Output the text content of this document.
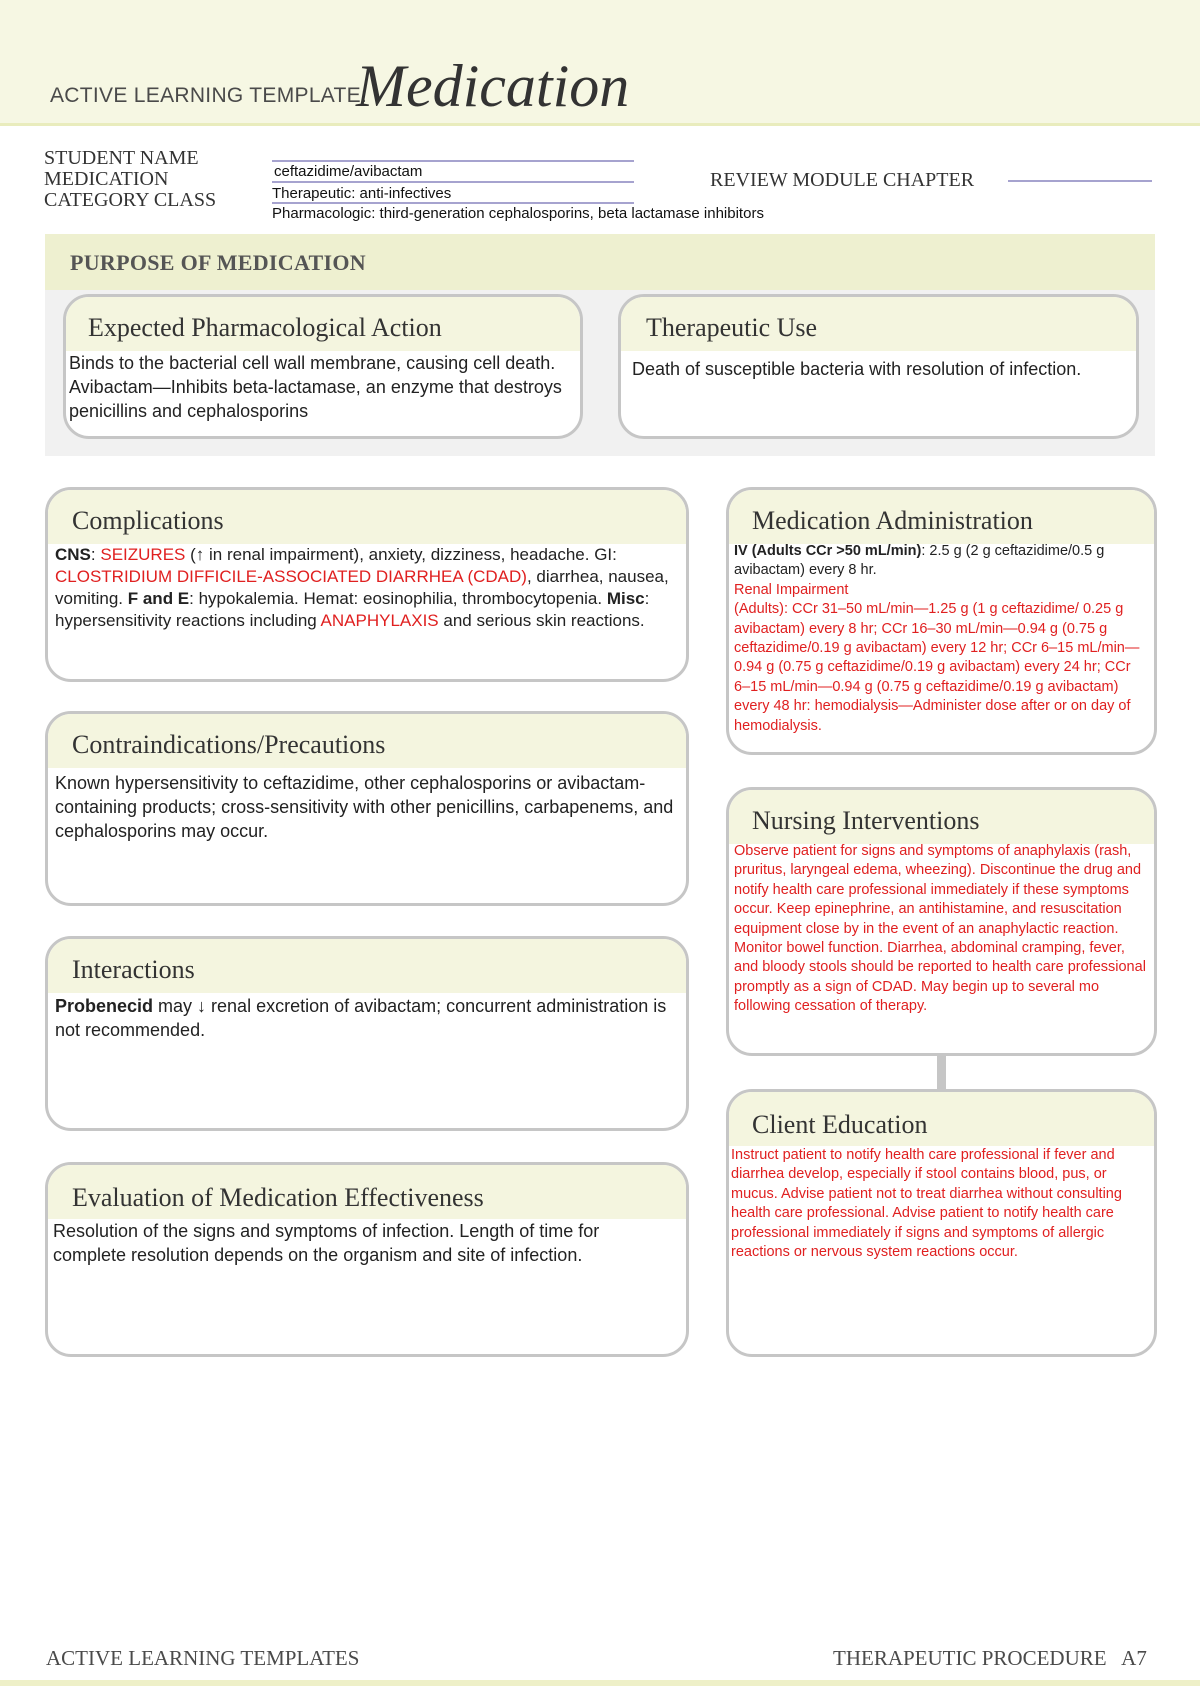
ACTIVE LEARNING TEMPLATE:
Medication
STUDENT NAME
MEDICATION
CATEGORY CLASS
ceftazidime/avibactam
Therapeutic: anti-infectives
Pharmacologic: third-generation cephalosporins, beta lactamase inhibitors
REVIEW MODULE CHAPTER
PURPOSE OF MEDICATION
Expected Pharmacological Action
Binds to the bacterial cell wall membrane, causing cell death. Avibactam—Inhibits beta-lactamase, an enzyme that destroys penicillins and cephalosporins
Therapeutic Use
Death of susceptible bacteria with resolution of infection.
Complications
CNS: SEIZURES (↑ in renal impairment), anxiety, dizziness, headache. GI: CLOSTRIDIUM DIFFICILE-ASSOCIATED DIARRHEA (CDAD), diarrhea, nausea, vomiting. F and E: hypokalemia. Hemat: eosinophilia, thrombocytopenia. Misc: hypersensitivity reactions including ANAPHYLAXIS and serious skin reactions.
Contraindications/Precautions
Known hypersensitivity to ceftazidime, other cephalosporins or avibactam-containing products; cross-sensitivity with other penicillins, carbapenems, and cephalosporins may occur.
Interactions
Probenecid may ↓ renal excretion of avibactam; concurrent administration is not recommended.
Evaluation of Medication Effectiveness
Resolution of the signs and symptoms of infection. Length of time for complete resolution depends on the organism and site of infection.
Medication Administration
IV (Adults CCr >50 mL/min): 2.5 g (2 g ceftazidime/0.5 g avibactam) every 8 hr.
Renal Impairment
(Adults): CCr 31–50 mL/min—1.25 g (1 g ceftazidime/ 0.25 g avibactam) every 8 hr; CCr 16–30 mL/min—0.94 g (0.75 g ceftazidime/0.19 g avibactam) every 12 hr; CCr 6–15 mL/min—0.94 g (0.75 g ceftazidime/0.19 g avibactam) every 24 hr; CCr 6–15 mL/min—0.94 g (0.75 g ceftazidime/0.19 g avibactam) every 48 hr: hemodialysis—Administer dose after or on day of hemodialysis.
Nursing Interventions
Observe patient for signs and symptoms of anaphylaxis (rash, pruritus, laryngeal edema, wheezing). Discontinue the drug and notify health care professional immediately if these symptoms occur. Keep epinephrine, an antihistamine, and resuscitation equipment close by in the event of an anaphylactic reaction.
Monitor bowel function. Diarrhea, abdominal cramping, fever, and bloody stools should be reported to health care professional promptly as a sign of CDAD. May begin up to several mo following cessation of therapy.
Client Education
Instruct patient to notify health care professional if fever and diarrhea develop, especially if stool contains blood, pus, or mucus. Advise patient not to treat diarrhea without consulting health care professional. Advise patient to notify health care professional immediately if signs and symptoms of allergic reactions or nervous system reactions occur.
ACTIVE LEARNING TEMPLATES	THERAPEUTIC PROCEDURE   A7
